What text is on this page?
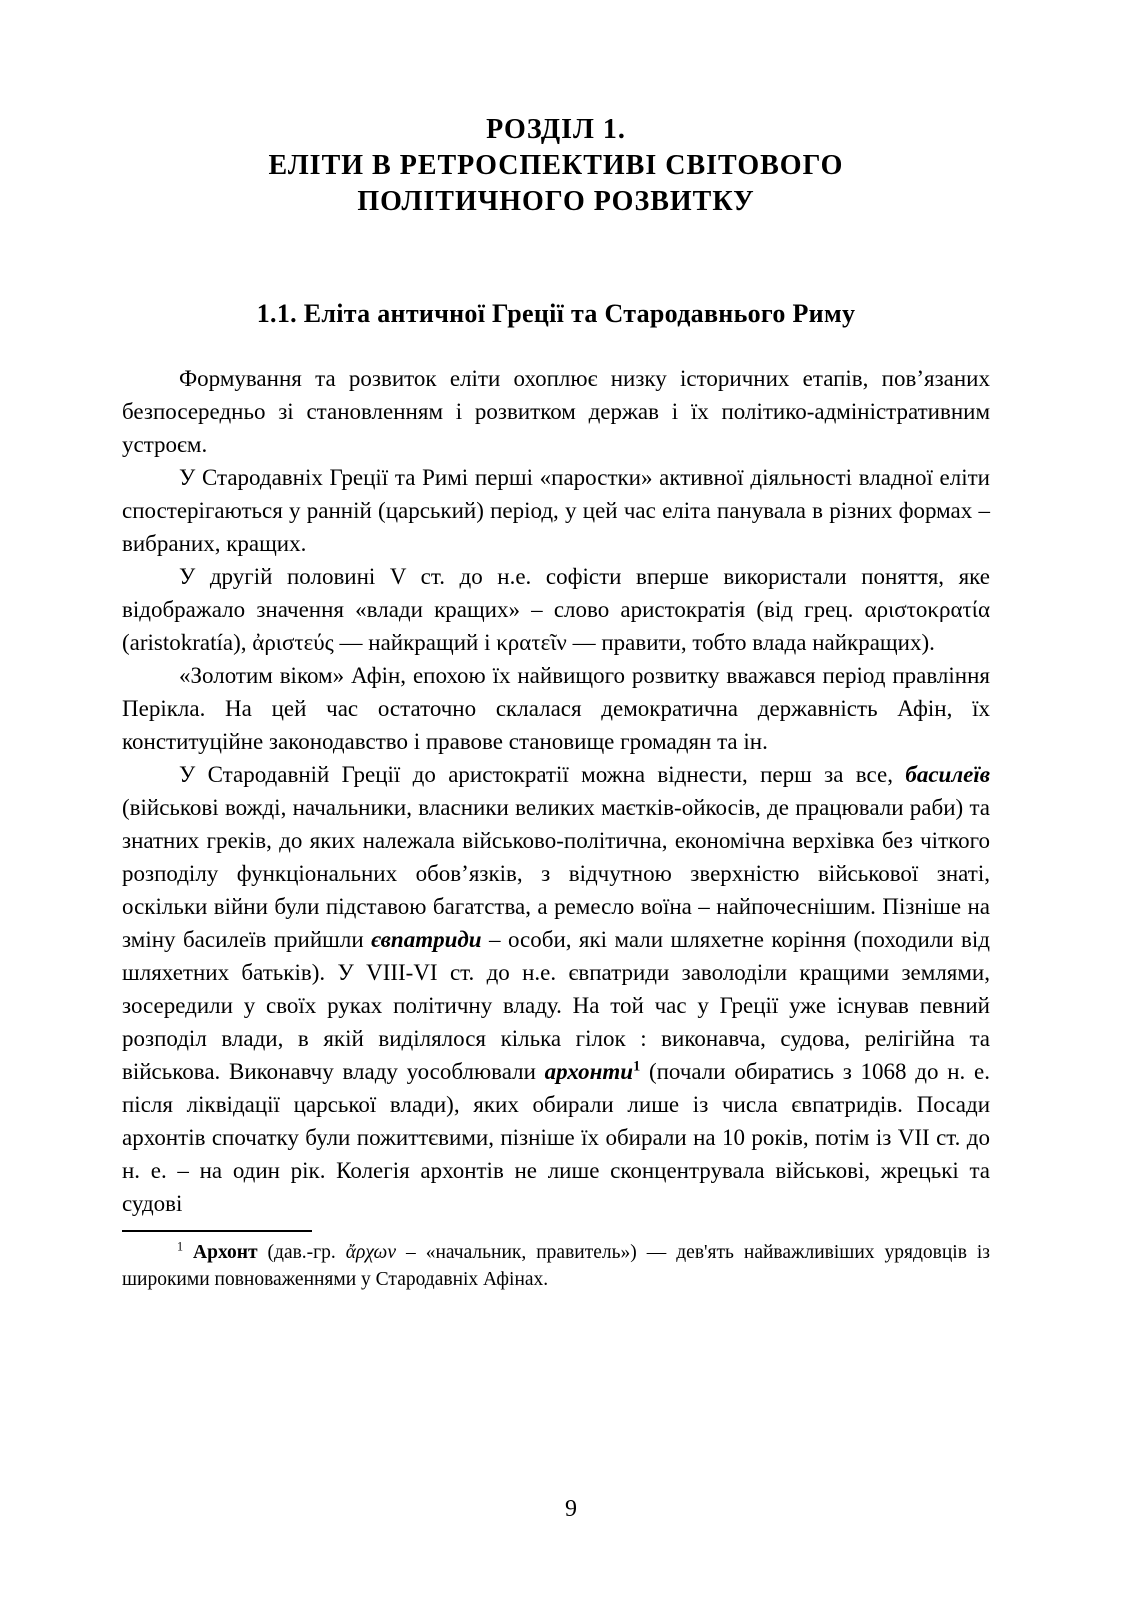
РОЗДІЛ 1.
ЕЛІТИ В РЕТРОСПЕКТИВІ СВІТОВОГО
ПОЛІТИЧНОГО РОЗВИТКУ
1.1. Еліта античної Греції та Стародавнього Риму

Формування та розвиток еліти охоплює низку історичних етапів, пов’язаних безпосередньо зі становленням і розвитком держав і їх політико-адміністративним устроєм.

У Стародавніх Греції та Римі перші «паростки» активної діяльності владної еліти спостерігаються у ранній (царський) період, у цей час еліта панувала в різних формах – вибраних, кращих.

У другій половині V ст. до н.е. софісти вперше використали поняття, яке відображало значення «влади кращих» – слово аристократія (від грец. αριστοκρατία (aristokratía), ἀριστεύς — найкращий і κρατεῖν — правити, тобто влада найкращих).

«Золотим віком» Афін, епохою їх найвищого розвитку вважався період правління Перікла. На цей час остаточно склалася демократична державність Афін, їх конституційне законодавство і правове становище громадян та ін.

У Стародавній Греції до аристократії можна віднести, перш за все, басилеїв (військові вожді, начальники, власники великих маєтків-ойкосів, де працювали раби) та знатних греків, до яких належала військово-політична, економічна верхівка без чіткого розподілу функціональних обов’язків, з відчутною зверхністю військової знаті, оскільки війни були підставою багатства, а ремесло воїна – найпочеснішим. Пізніше на зміну басилеїв прийшли євпатриди – особи, які мали шляхетне коріння (походили від шляхетних батьків). У VIII-VI ст. до н.е. євпатриди заволоділи кращими землями, зосередили у своїх руках політичну владу. На той час у Греції уже існував певний розподіл влади, в якій виділялося кілька гілок : виконавча, судова, релігійна та військова. Виконавчу владу уособлювали архонти$^1$ (почали обиратись з 1068 до н. е. після ліквідації царської влади), яких обирали лише із числа євпатридів. Посади архонтів спочатку були пожиттєвими, пізніше їх обирали на 10 років, потім із VII ст. до н. е. – на один рік. Колегія архонтів не лише сконцентрувала військові, жрецькі та судові

$^1$ Архонт (дав.-гр. ἄρχων – «начальник, правитель») — дев'ять найважливіших урядовців із широкими повноваженнями у Стародавніх Афінах.

9
